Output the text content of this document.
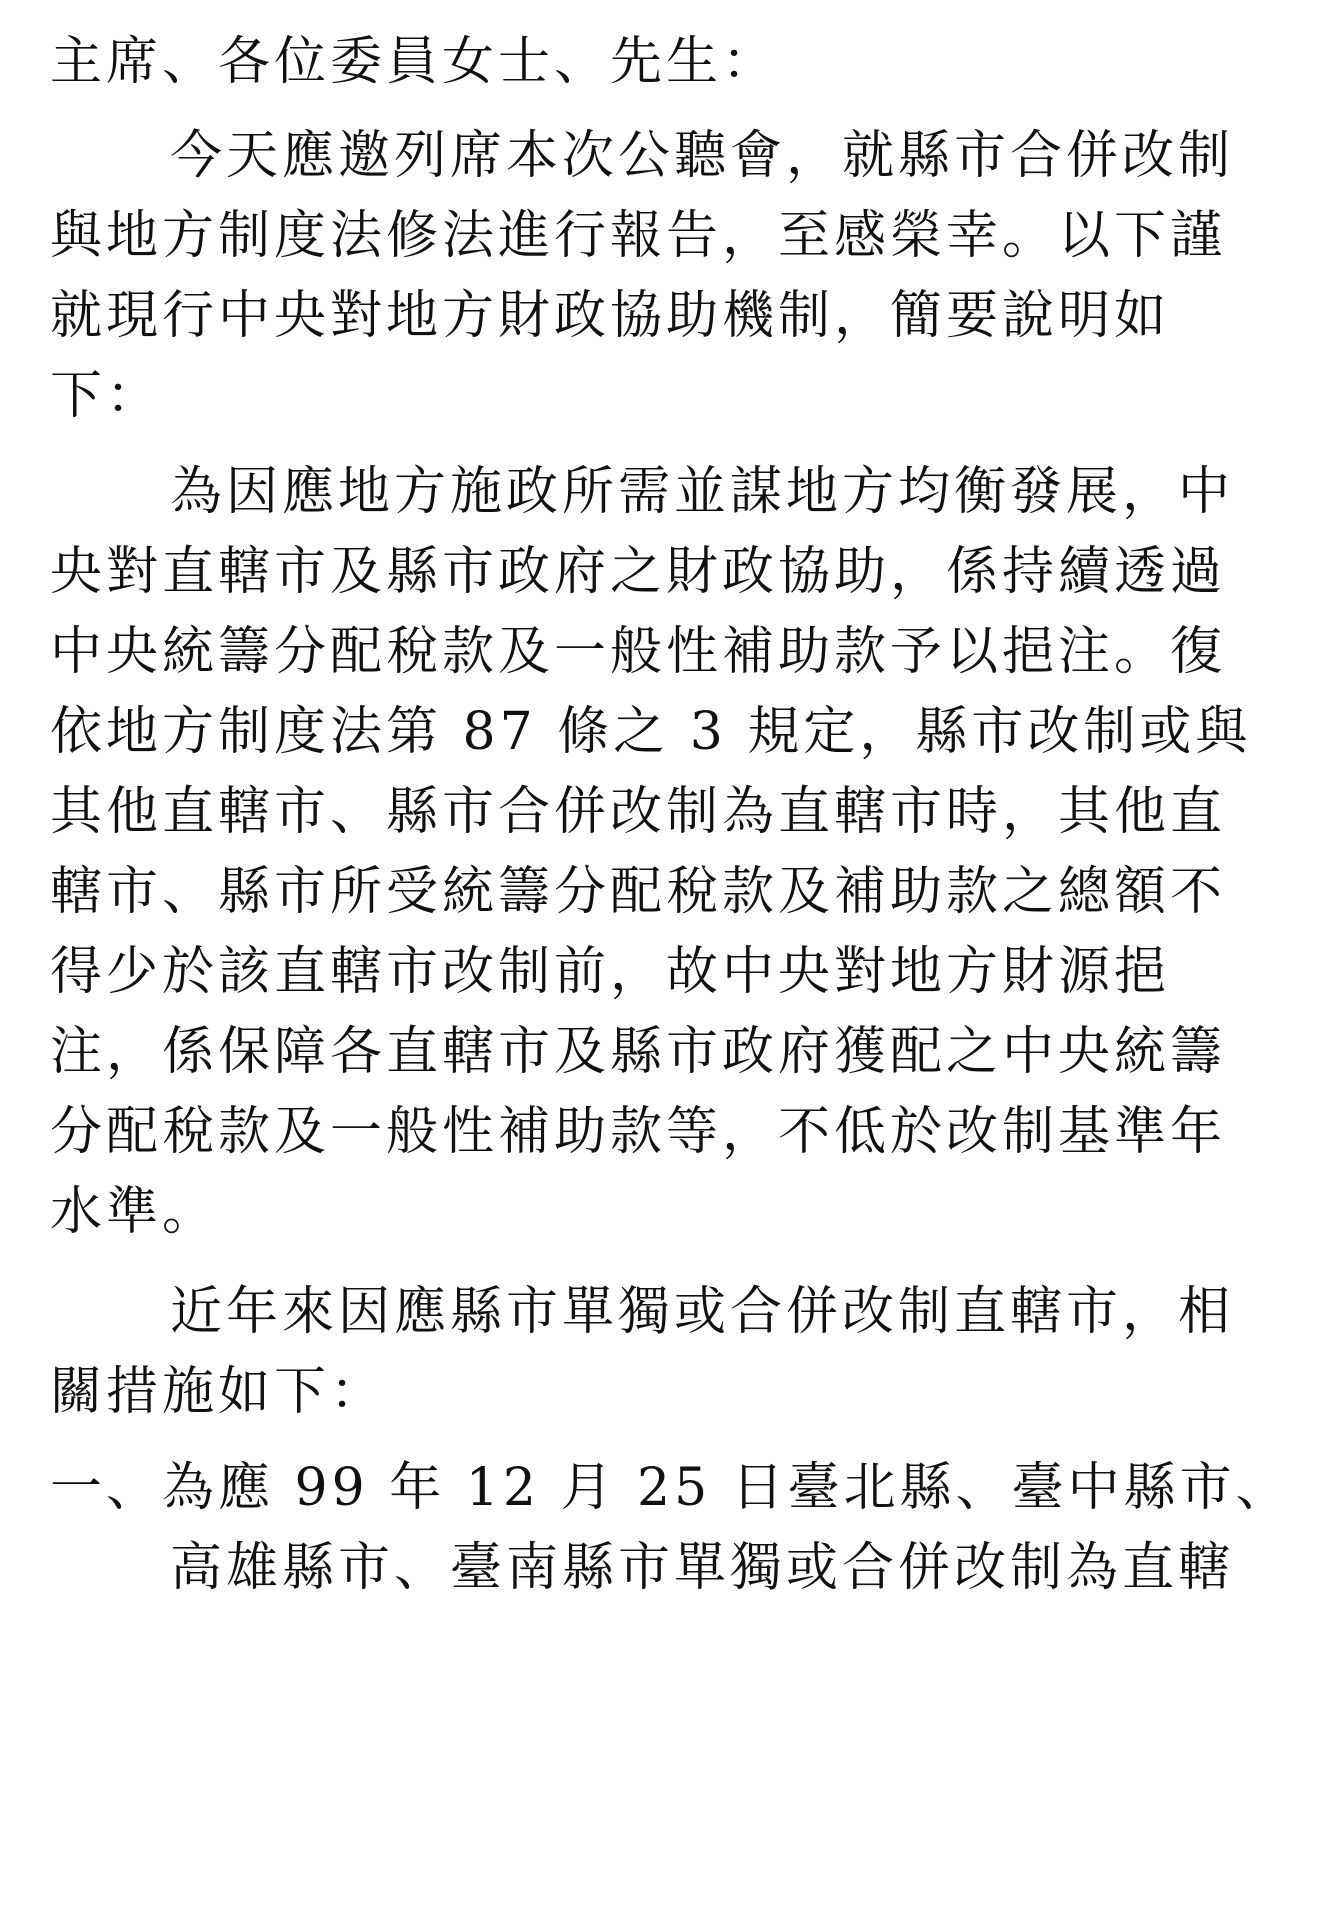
主席、各位委員女士、先生：
今天應邀列席本次公聽會，就縣市合併改制
與地方制度法修法進行報告，至感榮幸。以下謹
就現行中央對地方財政協助機制，簡要說明如
下：
為因應地方施政所需並謀地方均衡發展，中
央對直轄市及縣市政府之財政協助，係持續透過
中央統籌分配稅款及一般性補助款予以挹注。復
依地方制度法第 87 條之 3 規定，縣市改制或與
其他直轄市、縣市合併改制為直轄市時，其他直
轄市、縣市所受統籌分配稅款及補助款之總額不
得少於該直轄市改制前，故中央對地方財源挹
注，係保障各直轄市及縣市政府獲配之中央統籌
分配稅款及一般性補助款等，不低於改制基準年
水準。
近年來因應縣市單獨或合併改制直轄市，相
關措施如下：
一、為應 99 年 12 月 25 日臺北縣、臺中縣市、
高雄縣市、臺南縣市單獨或合併改制為直轄
